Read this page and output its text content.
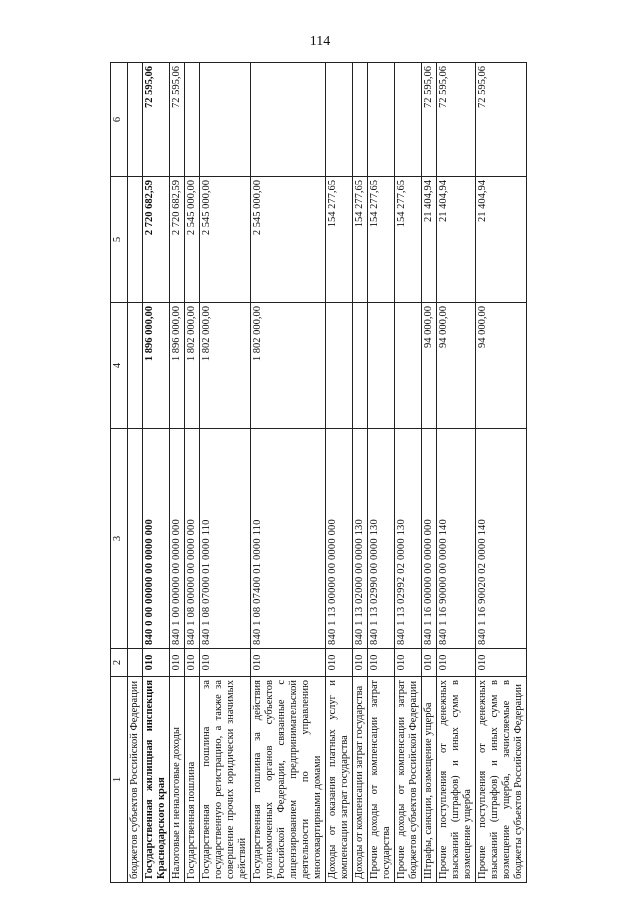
114
1	2	3	4	5	6
бюджетов субъектов Российской Федерации					
Государственная жилищная инспекция Краснодарского края	010	840 0 00 00000 00 0000 000	1 896 000,00	2 720 682,59	72 595,06
Налоговые и неналоговые доходы	010	840 1 00 00000 00 0000 000	1 896 000,00	2 720 682,59	72 595,06
Государственная пошлина	010	840 1 08 00000 00 0000 000	1 802 000,00	2 545 000,00	
Государственная пошлина за государственную регистрацию, а также за совершение прочих юридически значимых действий	010	840 1 08 07000 01 0000 110	1 802 000,00	2 545 000,00	
Государственная пошлина за действия уполномоченных органов субъектов Российской Федерации, связанные с лицензированием предпринимательской деятельности по управлению многоквартирными домами	010	840 1 08 07400 01 0000 110	1 802 000,00	2 545 000,00	
Доходы от оказания платных услуг и компенсации затрат государства	010	840 1 13 00000 00 0000 000		154 277,65	
Доходы от компенсации затрат государства	010	840 1 13 02000 00 0000 130		154 277,65	
Прочие доходы от компенсации затрат государства	010	840 1 13 02990 00 0000 130		154 277,65	
Прочие доходы от компенсации затрат бюджетов субъектов Российской Федерации	010	840 1 13 02992 02 0000 130		154 277,65	
Штрафы, санкции, возмещение ущерба	010	840 1 16 00000 00 0000 000	94 000,00	21 404,94	72 595,06
Прочие поступления от денежных взысканий (штрафов) и иных сумм в возмещение ущерба	010	840 1 16 90000 00 0000 140	94 000,00	21 404,94	72 595,06
Прочие поступления от денежных взысканий (штрафов) и иных сумм в возмещение ущерба, зачисляемые в бюджеты субъектов Российской Федерации	010	840 1 16 90020 02 0000 140	94 000,00	21 404,94	72 595,06
